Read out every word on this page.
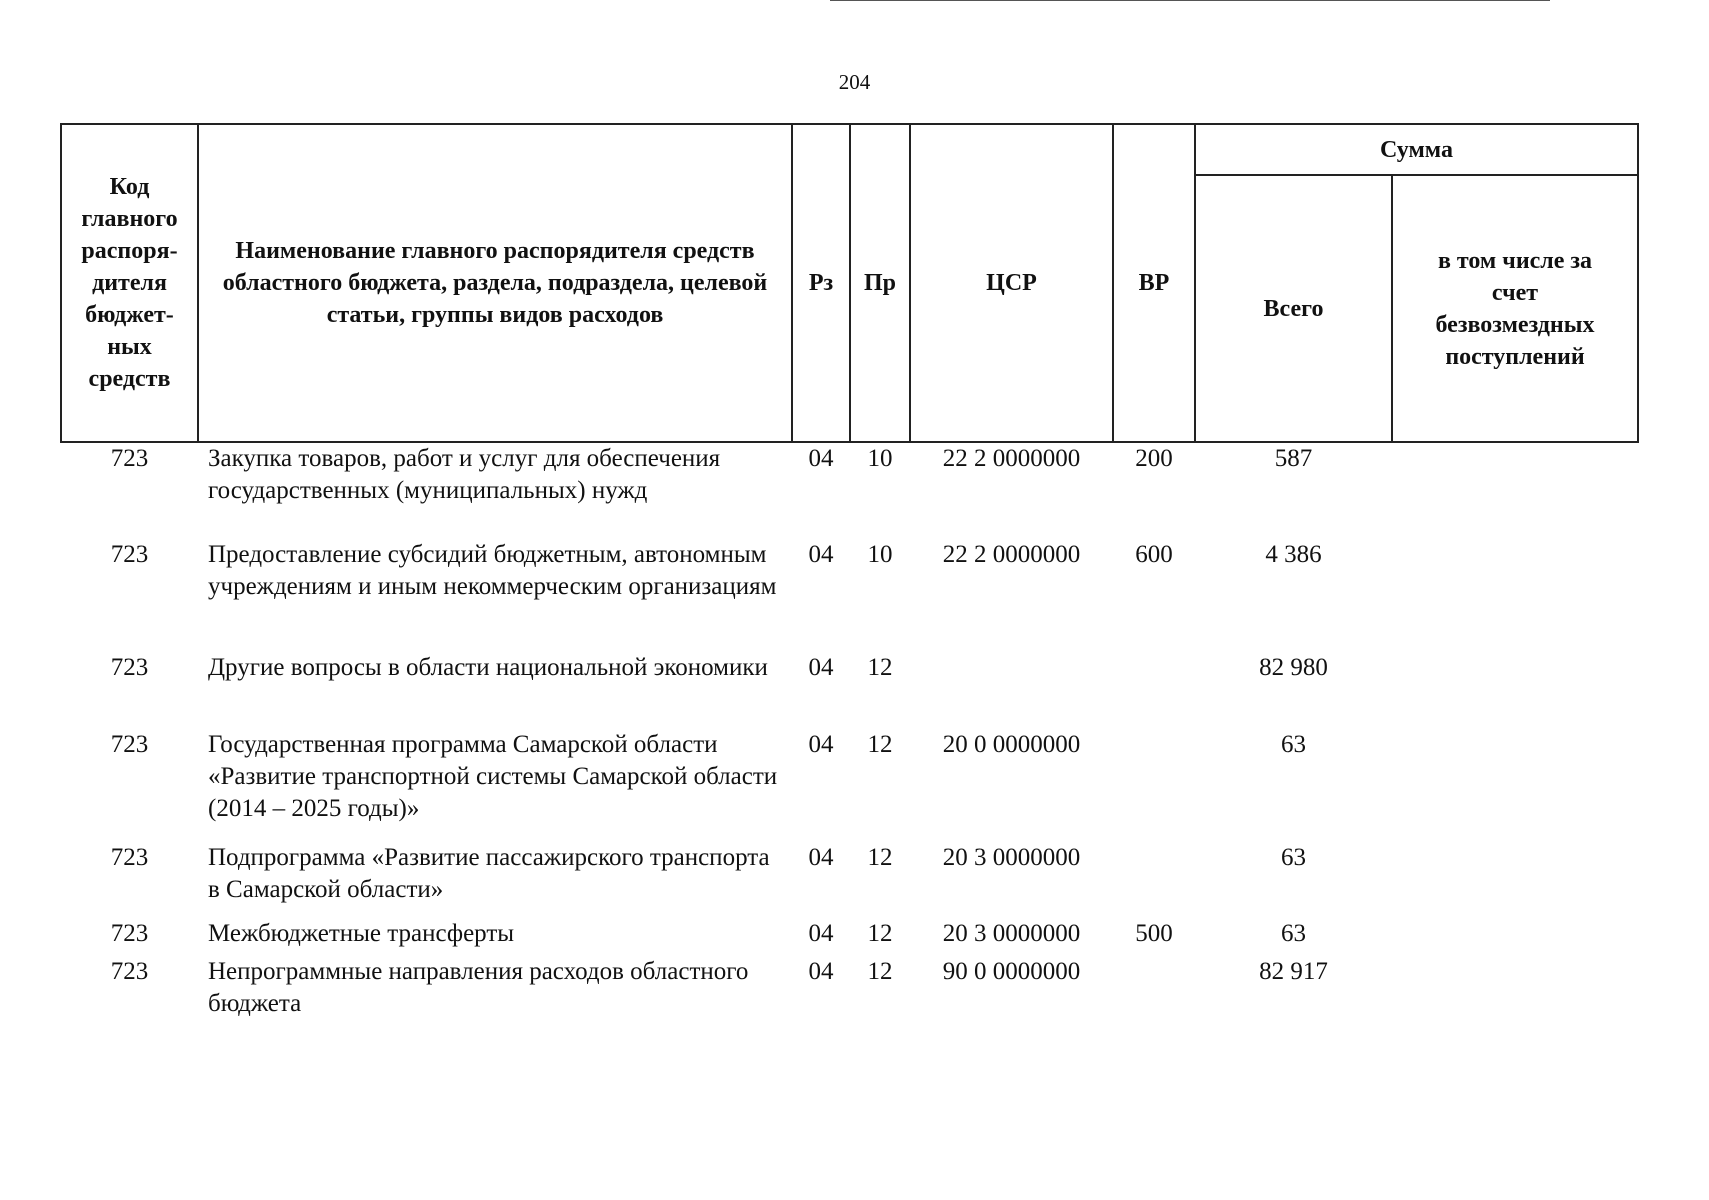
204
Код главного распоря-дителя бюджет-ных средств	Наименование главного распорядителя средств областного бюджета, раздела, подраздела, целевой статьи, группы видов расходов	Рз	Пр	ЦСР	ВР	Сумма	
						Всего	в том числе за счет безвозмездных поступлений
723	Закупка товаров, работ и услуг для обеспечения государственных (муниципальных) нужд	04	10	22 2 0000000	200	587	
723	Предоставление субсидий бюджетным, автономным учреждениям и иным некоммерческим организациям	04	10	22 2 0000000	600	4 386	
723	Другие вопросы в области национальной экономики	04	12			82 980	
723	Государственная программа Самарской области «Развитие транспортной системы Самарской области (2014 – 2025 годы)»	04	12	20 0 0000000		63	
723	Подпрограмма «Развитие пассажирского транспорта в Самарской области»	04	12	20 3 0000000		63	
723	Межбюджетные трансферты	04	12	20 3 0000000	500	63	
723	Непрограммные направления расходов областного бюджета	04	12	90 0 0000000		82 917	
